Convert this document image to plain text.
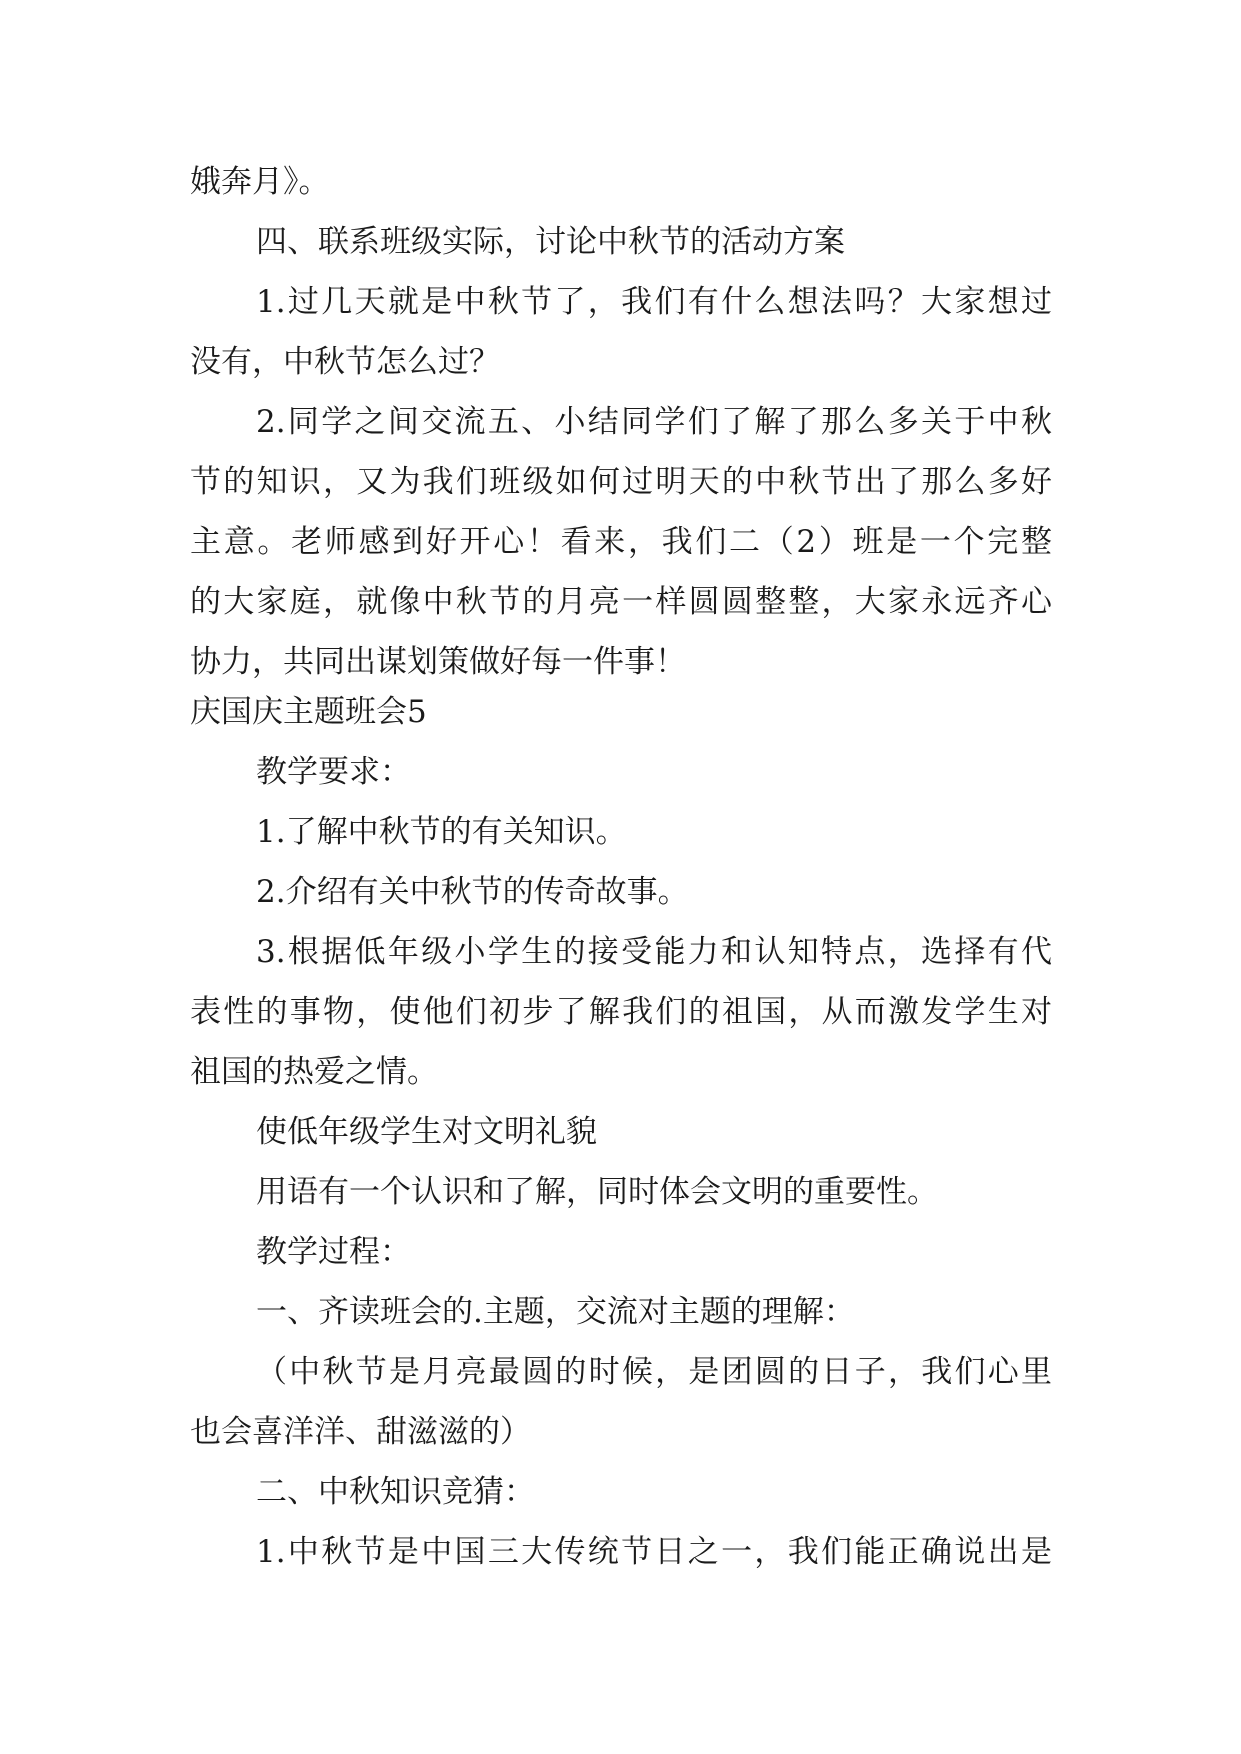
娥奔月》。

四、联系班级实际，讨论中秋节的活动方案

1.过几天就是中秋节了，我们有什么想法吗？大家想过

没有，中秋节怎么过？

2.同学之间交流五、小结同学们了解了那么多关于中秋

节的知识，又为我们班级如何过明天的中秋节出了那么多好

主意。老师感到好开心！看来，我们二（2）班是一个完整

的大家庭，就像中秋节的月亮一样圆圆整整，大家永远齐心

协力，共同出谋划策做好每一件事！

庆国庆主题班会5

教学要求：

1.了解中秋节的有关知识。

2.介绍有关中秋节的传奇故事。

3.根据低年级小学生的接受能力和认知特点，选择有代

表性的事物，使他们初步了解我们的祖国，从而激发学生对

祖国的热爱之情。

使低年级学生对文明礼貌

用语有一个认识和了解，同时体会文明的重要性。

教学过程：

一、齐读班会的.主题，交流对主题的理解：

（中秋节是月亮最圆的时候，是团圆的日子，我们心里

也会喜洋洋、甜滋滋的）

二、中秋知识竞猜：

1.中秋节是中国三大传统节日之一，我们能正确说出是
